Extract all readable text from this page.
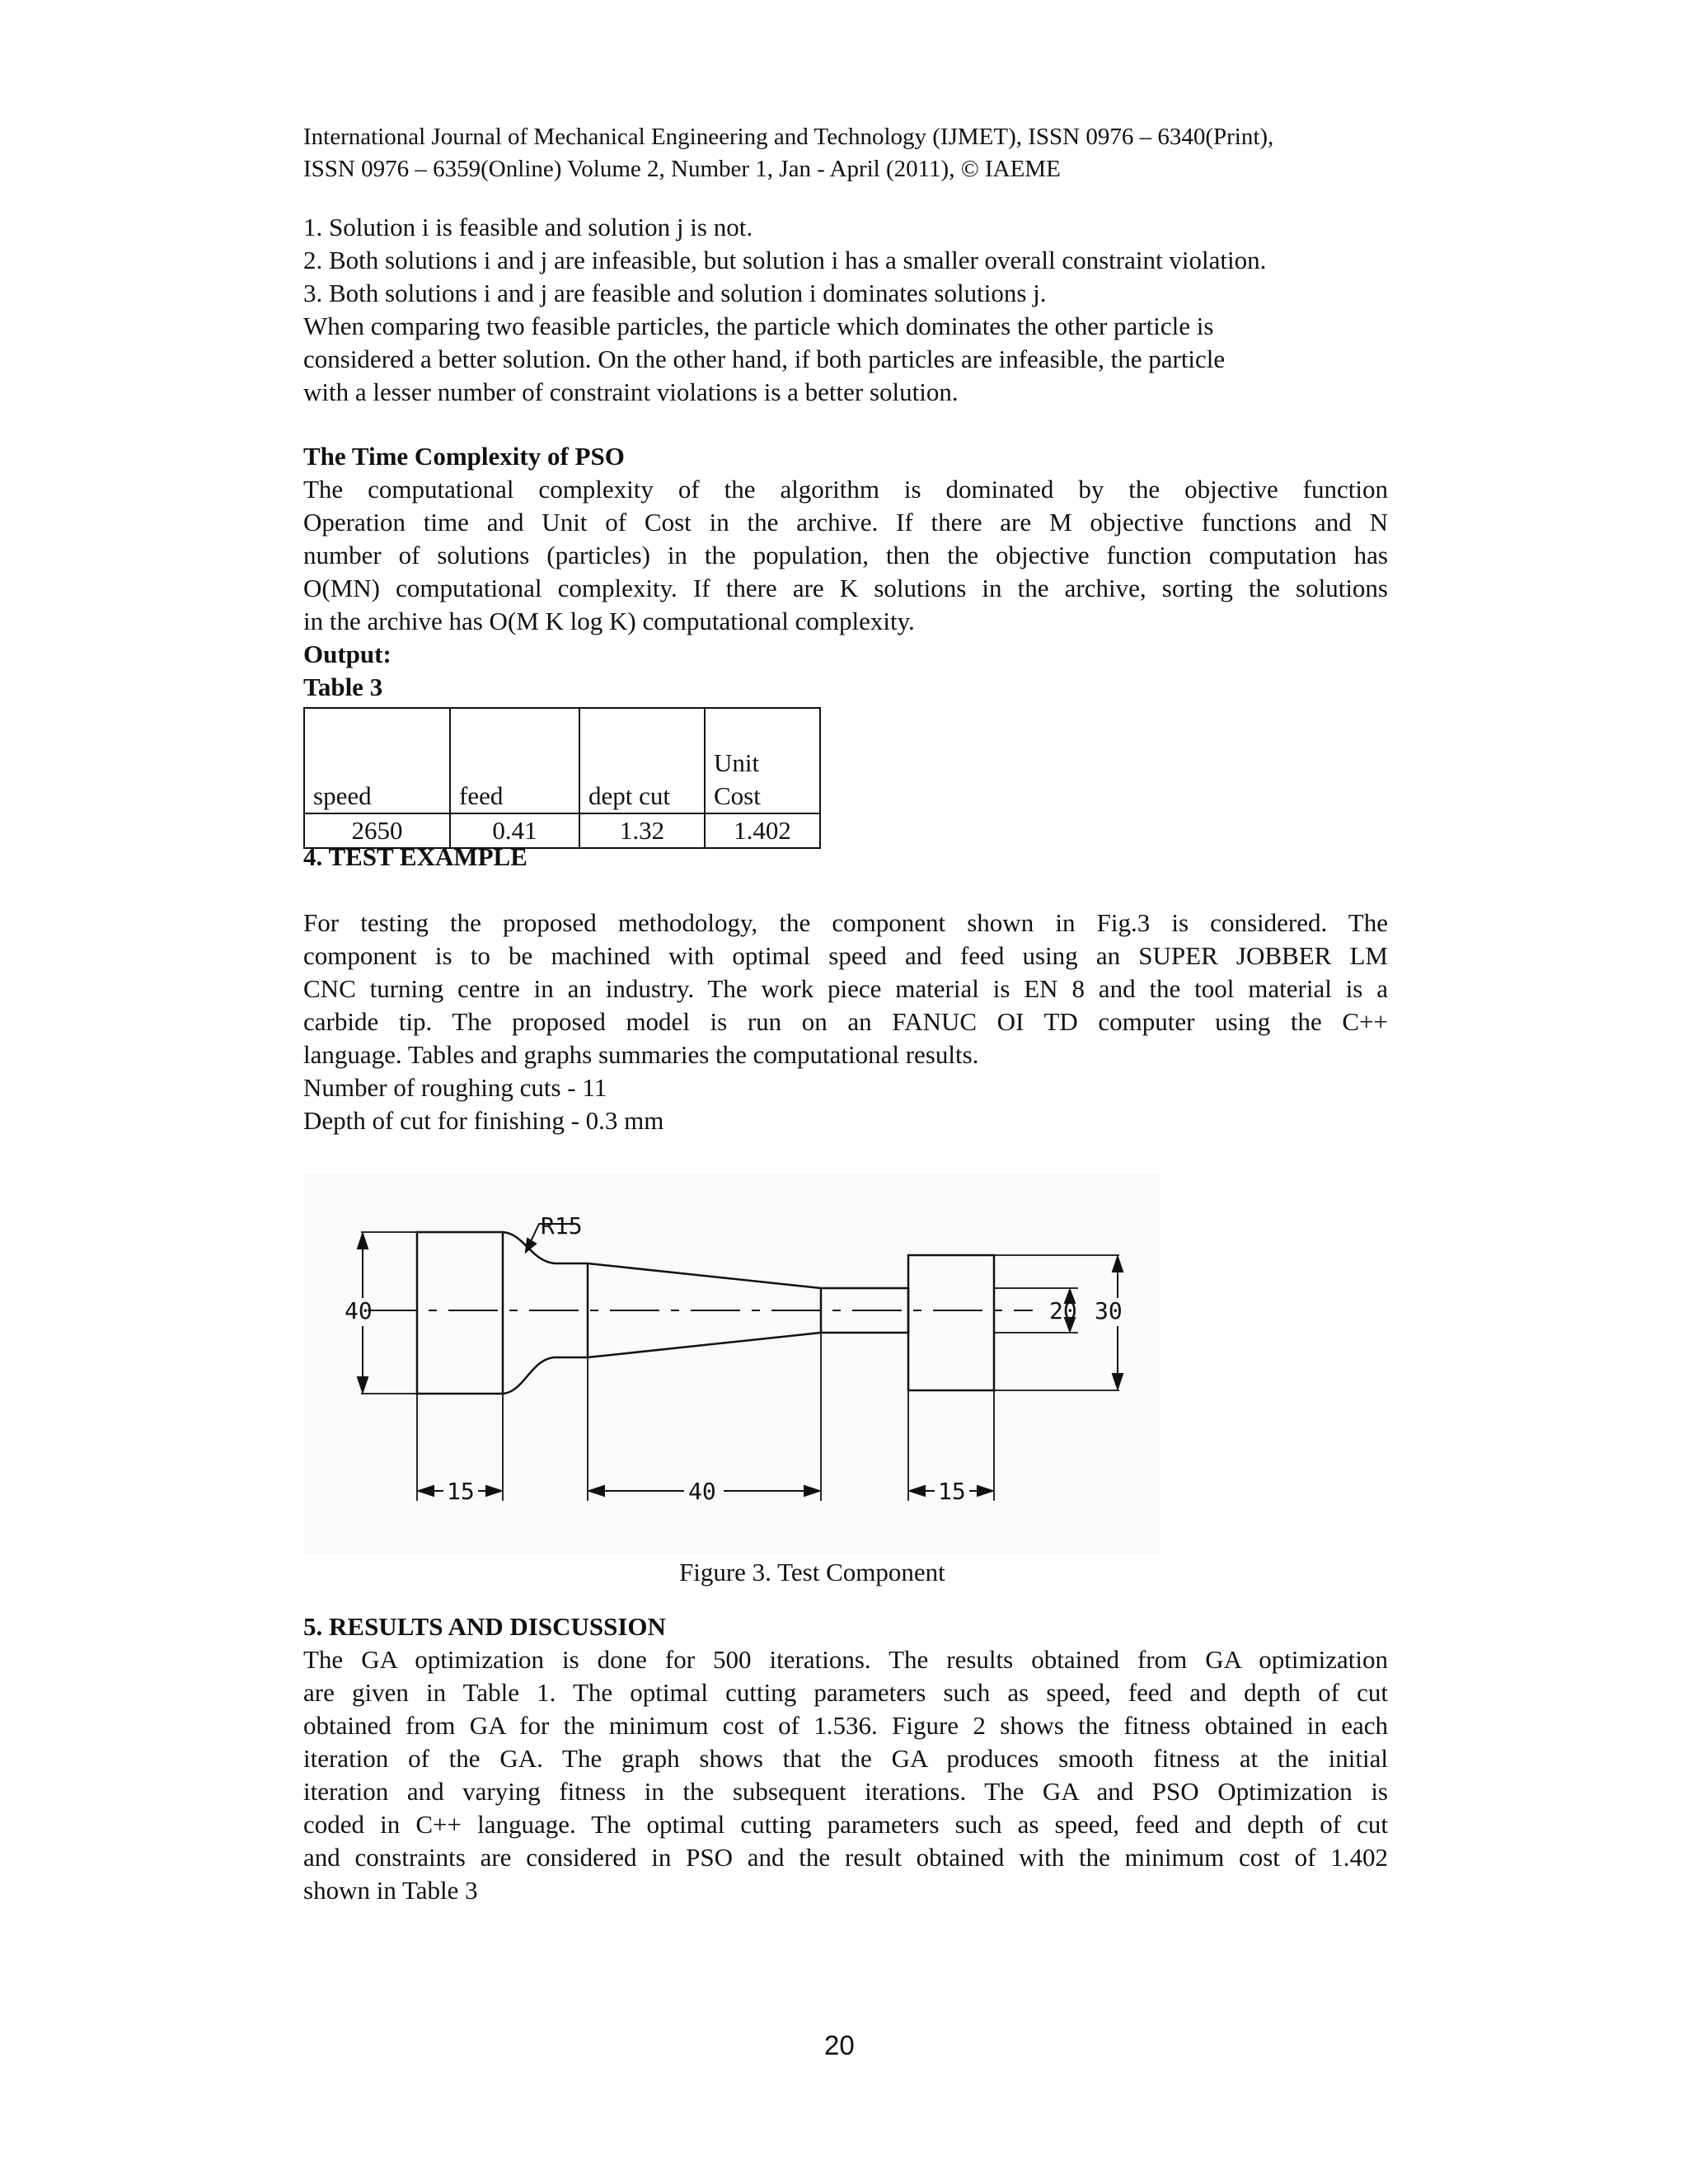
International Journal of Mechanical Engineering and Technology (IJMET), ISSN 0976 – 6340(Print),
ISSN 0976 – 6359(Online) Volume 2, Number 1, Jan - April (2011), © IAEME
1. Solution i is feasible and solution j is not.
2. Both solutions i and j are infeasible, but solution i has a smaller overall constraint violation.
3. Both solutions i and j are feasible and solution i dominates solutions j.
When comparing two feasible particles, the particle which dominates the other particle is
considered a better solution. On the other hand, if both particles are infeasible, the particle
with a lesser number of constraint violations is a better solution.
The Time Complexity of PSO
The computational complexity of the algorithm is dominated by the objective function
Operation time and Unit of Cost in the archive. If there are M objective functions and N
number of solutions (particles) in the population, then the objective function computation has
O(MN) computational complexity. If there are K solutions in the archive, sorting the solutions
in the archive has O(M K log K) computational complexity.
Output:
Table 3
speed	feed	dept cut	Unit
Cost

2650	0.41	1.32	1.402
4. TEST EXAMPLE
For testing the proposed methodology, the component shown in Fig.3 is considered. The
component is to be machined with optimal speed and feed using an SUPER JOBBER LM
CNC turning centre in an industry. The work piece material is EN 8 and the tool material is a
carbide tip. The proposed model is run on an FANUC OI TD computer using the C++
language. Tables and graphs summaries the computational results.
Number of roughing cuts - 11
Depth of cut for finishing - 0.3 mm
40	20 30
R15
15	40	15
Figure 3. Test Component
5. RESULTS AND DISCUSSION
The GA optimization is done for 500 iterations. The results obtained from GA optimization
are given in Table 1. The optimal cutting parameters such as speed, feed and depth of cut
obtained from GA for the minimum cost of 1.536. Figure 2 shows the fitness obtained in each
iteration of the GA. The graph shows that the GA produces smooth fitness at the initial
iteration and varying fitness in the subsequent iterations. The GA and PSO Optimization is
coded in C++ language. The optimal cutting parameters such as speed, feed and depth of cut
and constraints are considered in PSO and the result obtained with the minimum cost of 1.402
shown in Table 3
20
